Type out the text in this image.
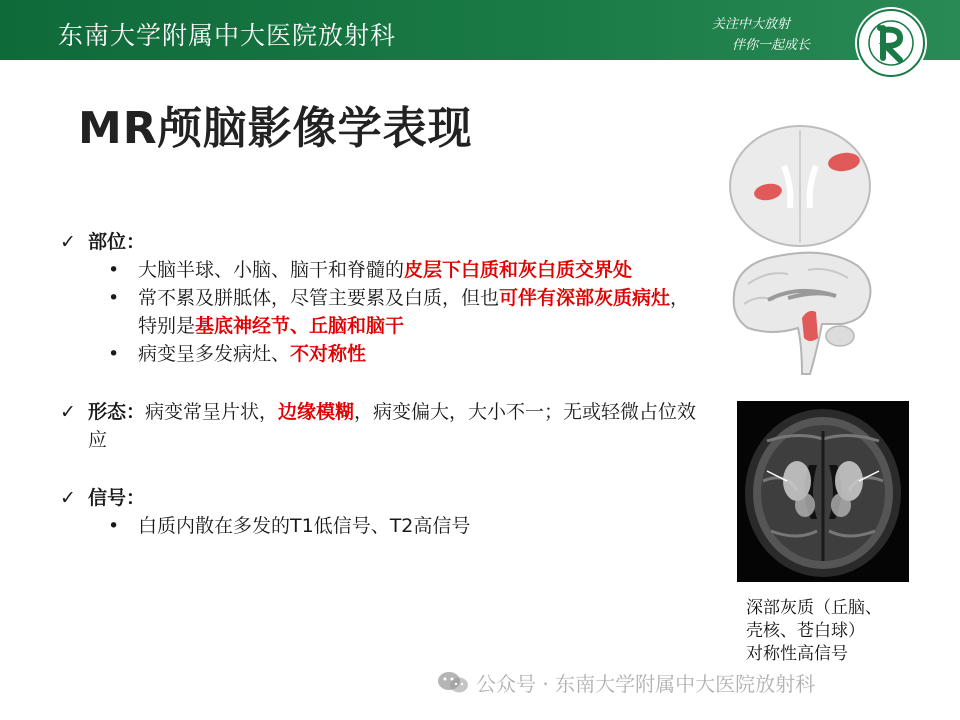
东南大学附属中大医院放射科	关注中大放射
伴你一起成长
MR颅脑影像学表现
✓ 部位：
• 大脑半球、小脑、脑干和脊髓的皮层下白质和灰白质交界处
• 常不累及胼胝体，尽管主要累及白质，但也可伴有深部灰质病灶，特别是基底神经节、丘脑和脑干
• 病变呈多发病灶、不对称性
✓ 形态：病变常呈片状，边缘模糊，病变偏大，大小不一；无或轻微占位效应
✓ 信号：
• 白质内散在多发的T1低信号、T2高信号
深部灰质（丘脑、
壳核、苍白球）
对称性高信号
公众号 · 东南大学附属中大医院放射科
